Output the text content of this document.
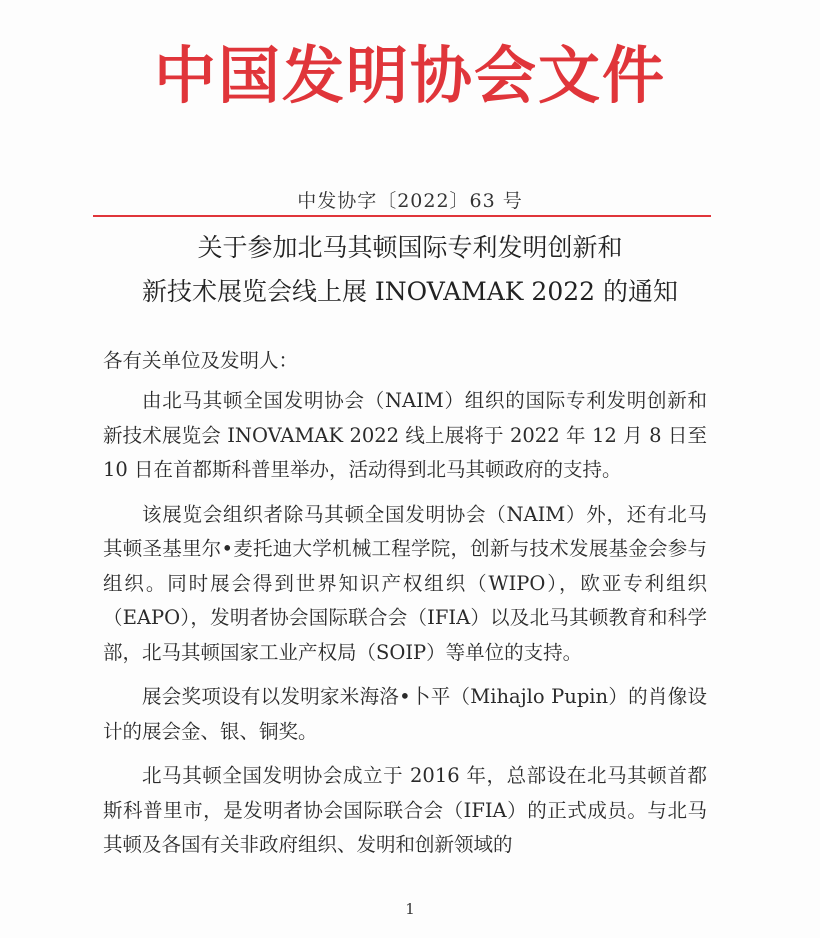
中国发明协会文件
中发协字〔2022〕63 号
关于参加北马其顿国际专利发明创新和
新技术展览会线上展 INOVAMAK 2022 的通知

各有关单位及发明人：

由北马其顿全国发明协会（NAIM）组织的国际专利发明创新和新技术展览会 INOVAMAK 2022 线上展将于 2022 年 12 月 8 日至 10 日在首都斯科普里举办，活动得到北马其顿政府的支持。

该展览会组织者除马其顿全国发明协会（NAIM）外，还有北马其顿圣基里尔•麦托迪大学机械工程学院，创新与技术发展基金会参与组织。同时展会得到世界知识产权组织（WIPO），欧亚专利组织（EAPO），发明者协会国际联合会（IFIA）以及北马其顿教育和科学部，北马其顿国家工业产权局（SOIP）等单位的支持。

展会奖项设有以发明家米海洛•卜平（Mihajlo Pupin）的肖像设计的展会金、银、铜奖。

北马其顿全国发明协会成立于 2016 年，总部设在北马其顿首都斯科普里市，是发明者协会国际联合会（IFIA）的正式成员。与北马其顿及各国有关非政府组织、发明和创新领域的

1
